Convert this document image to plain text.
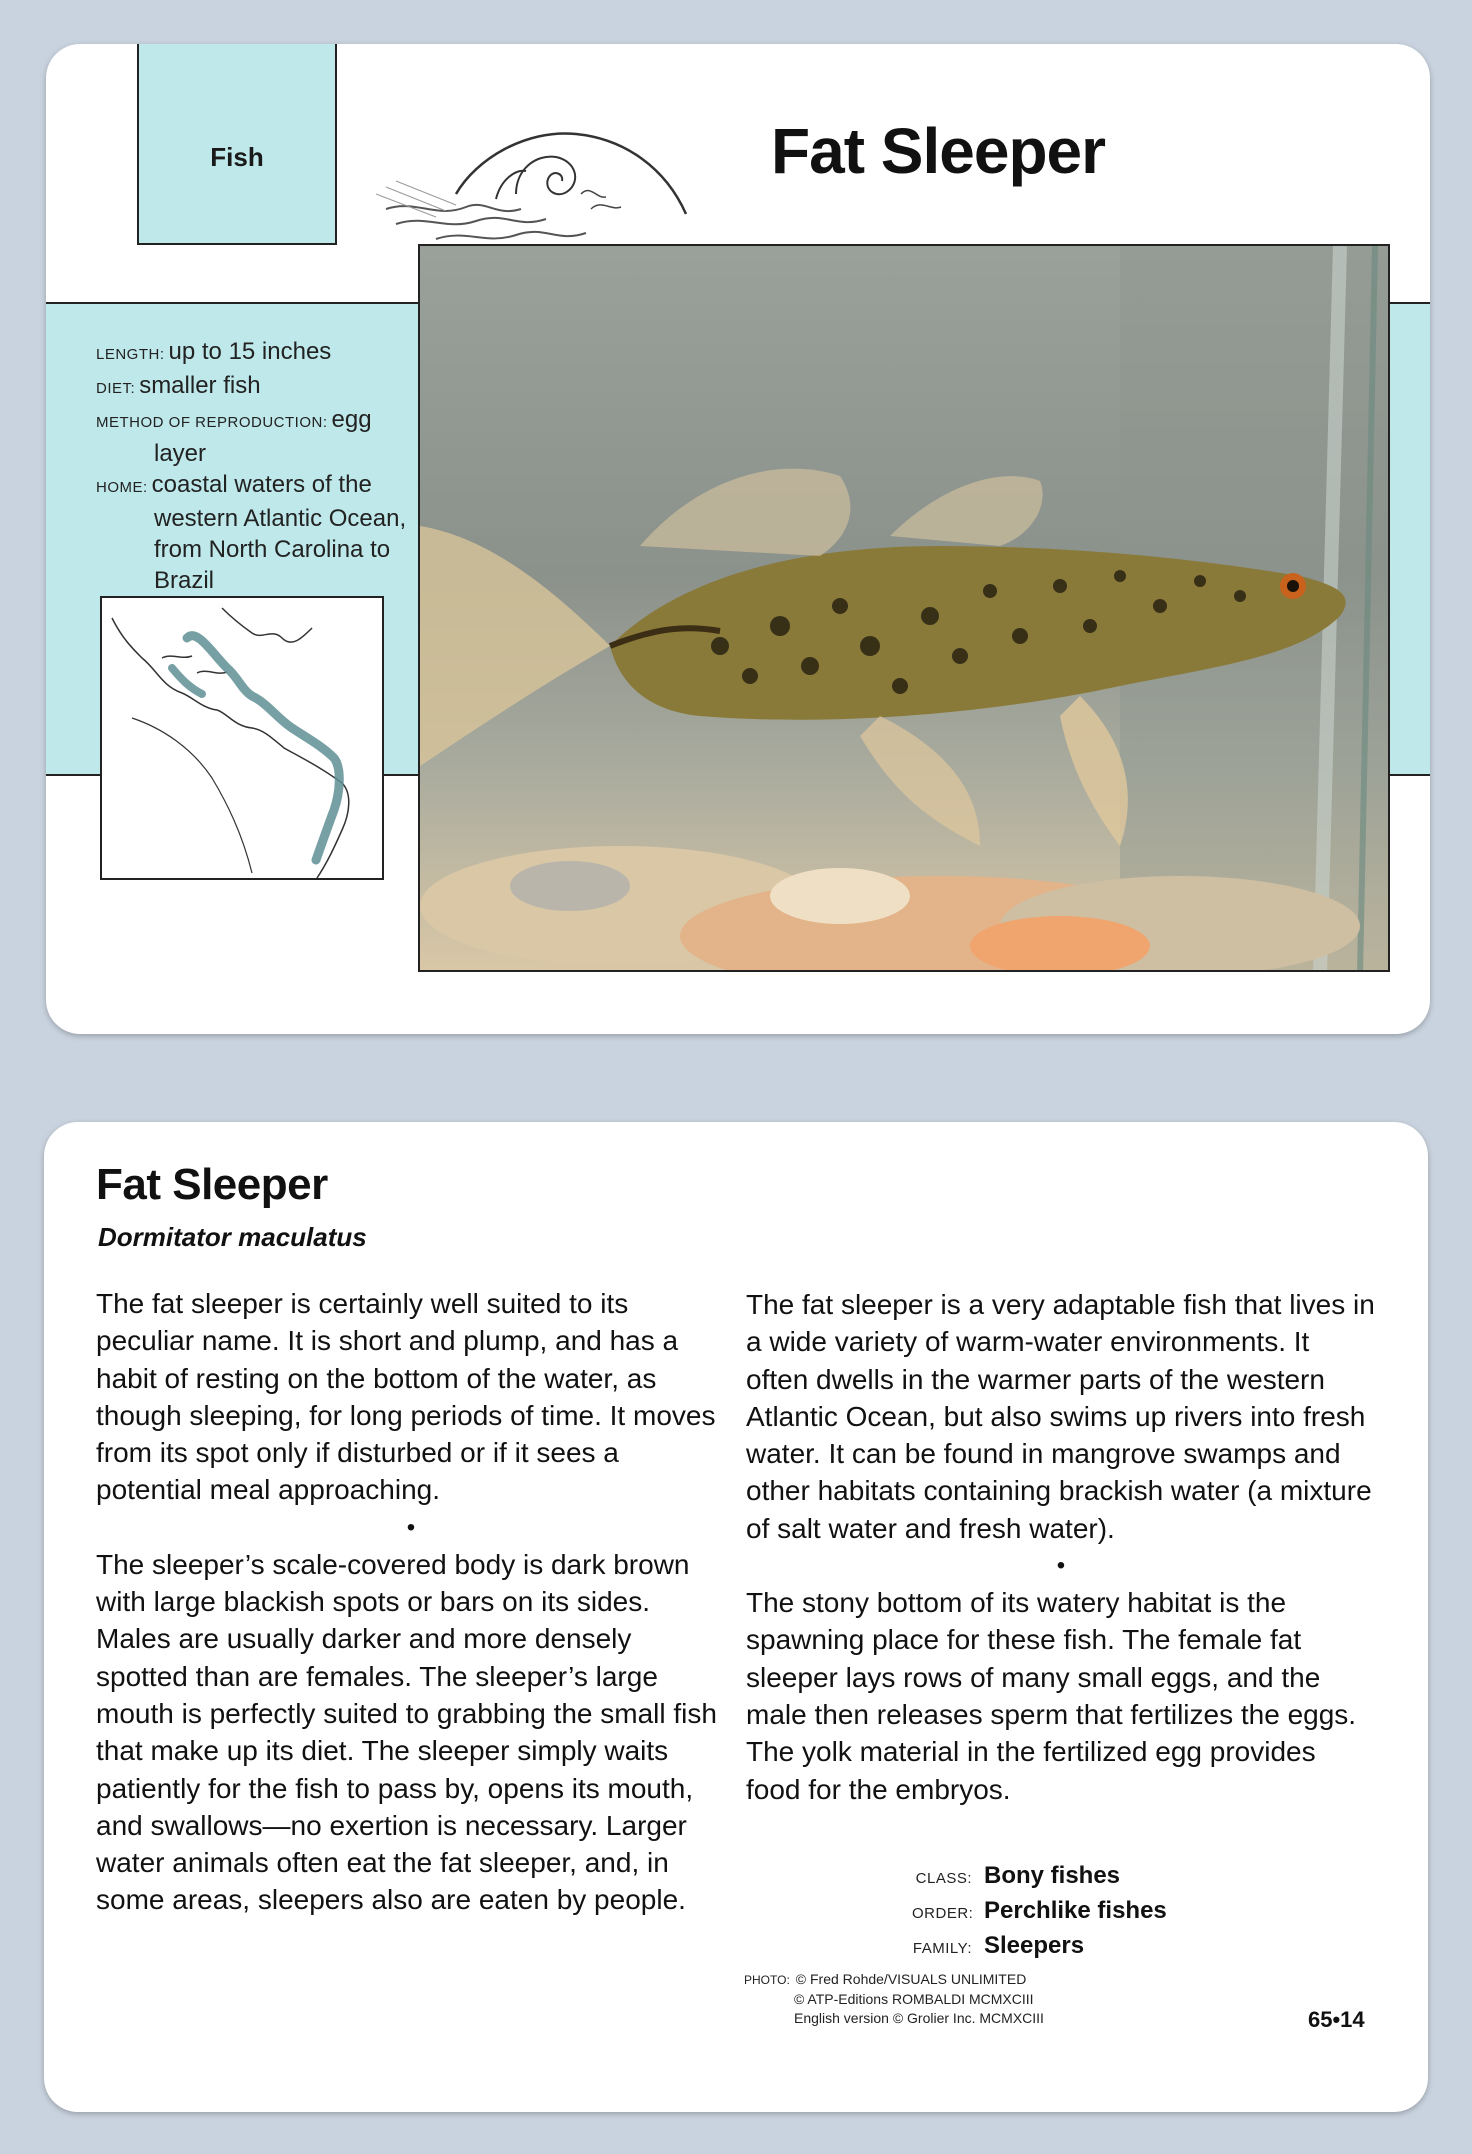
Fish	Fat Sleeper

LENGTH: up to 15 inches

DIET: smaller fish

METHOD OF REPRODUCTION: egg
layer

HOME: coastal waters of the
western Atlantic Ocean, from North Carolina to Brazil

Fat Sleeper
Dormitator maculatus

The fat sleeper is certainly well suited to its peculiar name. It is short and plump, and has a habit of resting on the bottom of the water, as though sleeping, for long periods of time. It moves from its spot only if disturbed or if it sees a potential meal approaching.

•

The sleeper’s scale-covered body is dark brown with large blackish spots or bars on its sides. Males are usually darker and more densely spotted than are females. The sleeper’s large mouth is perfectly suited to grabbing the small fish that make up its diet. The sleeper simply waits patiently for the fish to pass by, opens its mouth, and swallows—no exertion is necessary. Larger water animals often eat the fat sleeper, and, in some areas, sleepers also are eaten by people.

The fat sleeper is a very adaptable fish that lives in a wide variety of warm-water environments. It often dwells in the warmer parts of the western Atlantic Ocean, but also swims up rivers into fresh water. It can be found in mangrove swamps and other habitats containing brackish water (a mixture of salt water and fresh water).

•

The stony bottom of its watery habitat is the spawning place for these fish. The female fat sleeper lays rows of many small eggs, and the male then releases sperm that fertilizes the eggs. The yolk material in the fertilized egg provides food for the embryos.

CLASS: Bony fishes
ORDER: Perchlike fishes
FAMILY: Sleepers
PHOTO: © Fred Rohde/VISUALS UNLIMITED
© ATP-Editions ROMBALDI MCMXCIII
English version © Grolier Inc. MCMXCIII	65•14
